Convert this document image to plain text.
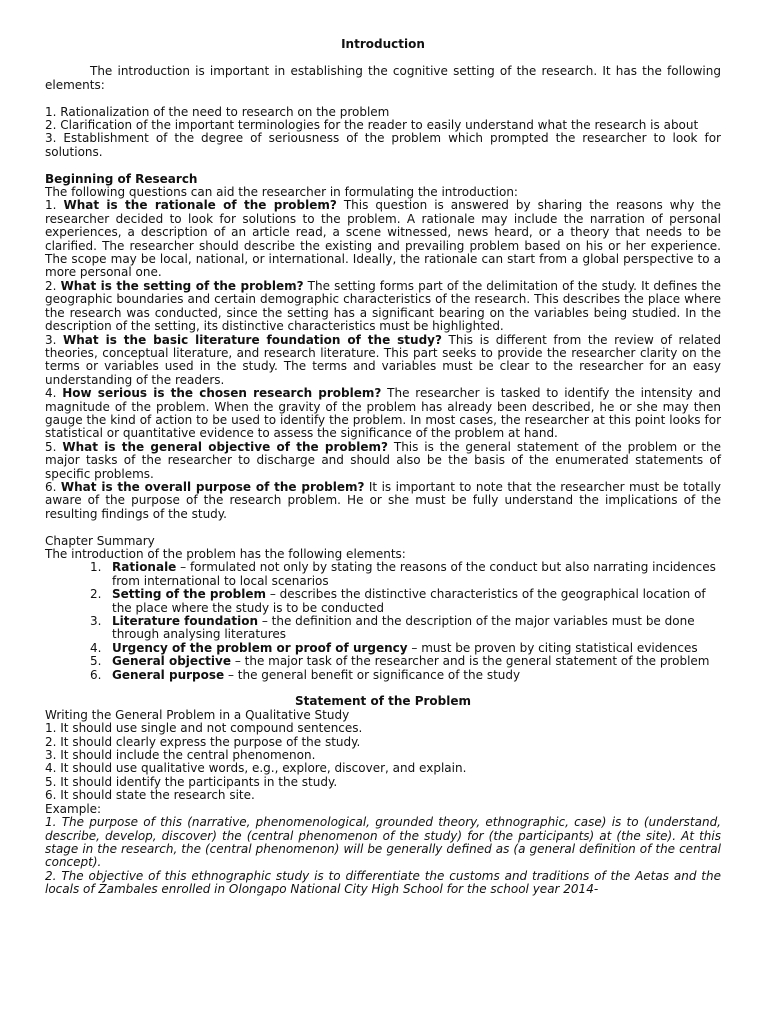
Introduction

The introduction is important in establishing the cognitive setting of the research. It has the following elements:

1. Rationalization of the need to research on the problem

2. Clarification of the important terminologies for the reader to easily understand what the research is about

3. Establishment of the degree of seriousness of the problem which prompted the researcher to look for solutions.

Beginning of Research

The following questions can aid the researcher in formulating the introduction:

1. What is the rationale of the problem? This question is answered by sharing the reasons why the researcher decided to look for solutions to the problem. A rationale may include the narration of personal experiences, a description of an article read, a scene witnessed, news heard, or a theory that needs to be clarified. The researcher should describe the existing and prevailing problem based on his or her experience. The scope may be local, national, or international. Ideally, the rationale can start from a global perspective to a more personal one.

2. What is the setting of the problem? The setting forms part of the delimitation of the study. It defines the geographic boundaries and certain demographic characteristics of the research. This describes the place where the research was conducted, since the setting has a significant bearing on the variables being studied. In the description of the setting, its distinctive characteristics must be highlighted.

3. What is the basic literature foundation of the study? This is different from the review of related theories, conceptual literature, and research literature. This part seeks to provide the researcher clarity on the terms or variables used in the study. The terms and variables must be clear to the researcher for an easy understanding of the readers.

4. How serious is the chosen research problem? The researcher is tasked to identify the intensity and magnitude of the problem. When the gravity of the problem has already been described, he or she may then gauge the kind of action to be used to identify the problem. In most cases, the researcher at this point looks for statistical or quantitative evidence to assess the significance of the problem at hand.

5. What is the general objective of the problem? This is the general statement of the problem or the major tasks of the researcher to discharge and should also be the basis of the enumerated statements of specific problems.

6. What is the overall purpose of the problem? It is important to note that the researcher must be totally aware of the purpose of the research problem. He or she must be fully understand the implications of the resulting findings of the study.

Chapter Summary

The introduction of the problem has the following elements:

1. Rationale – formulated not only by stating the reasons of the conduct but also narrating incidences from international to local scenarios
2. Setting of the problem – describes the distinctive characteristics of the geographical location of the place where the study is to be conducted
3. Literature foundation – the definition and the description of the major variables must be done through analysing literatures
4. Urgency of the problem or proof of urgency – must be proven by citing statistical evidences
5. General objective – the major task of the researcher and is the general statement of the problem
6. General purpose – the general benefit or significance of the study

Statement of the Problem

Writing the General Problem in a Qualitative Study

1. It should use single and not compound sentences.

2. It should clearly express the purpose of the study.

3. It should include the central phenomenon.

4. It should use qualitative words, e.g., explore, discover, and explain.

5. It should identify the participants in the study.

6. It should state the research site.

Example:

1. The purpose of this (narrative, phenomenological, grounded theory, ethnographic, case) is to (understand, describe, develop, discover) the (central phenomenon of the study) for (the participants) at (the site). At this stage in the research, the (central phenomenon) will be generally defined as (a general definition of the central concept).

2. The objective of this ethnographic study is to differentiate the customs and traditions of the Aetas and the locals of Zambales enrolled in Olongapo National City High School for the school year 2014-
